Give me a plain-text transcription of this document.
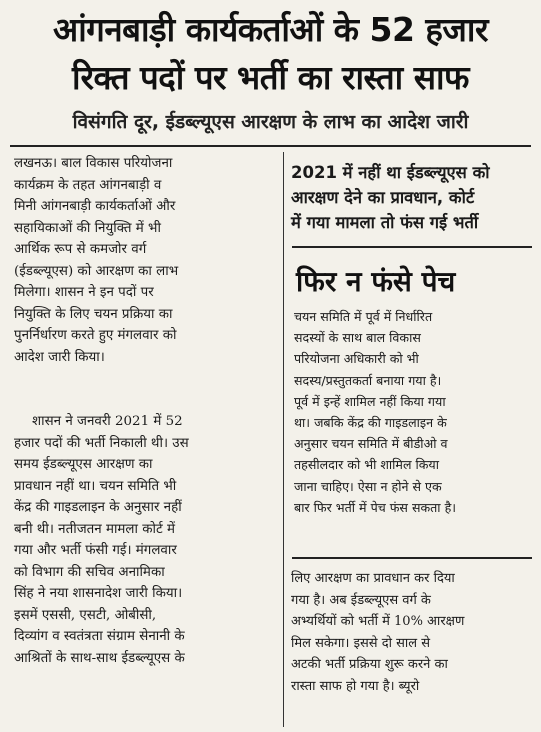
आंगनबाड़ी कार्यकर्ताओं के 52 हजार
रिक्त पदों पर भर्ती का रास्ता साफ
विसंगति दूर, ईडब्ल्यूएस आरक्षण के लाभ का आदेश जारी
लखनऊ। बाल विकास परियोजना
कार्यक्रम के तहत आंगनबाड़ी व
मिनी आंगनबाड़ी कार्यकर्ताओं और
सहायिकाओं की नियुक्ति में भी
आर्थिक रूप से कमजोर वर्ग
(ईडब्ल्यूएस) को आरक्षण का लाभ
मिलेगा। शासन ने इन पदों पर
नियुक्ति के लिए चयन प्रक्रिया का
पुनर्निर्धारण करते हुए मंगलवार को
आदेश जारी किया।
शासन ने जनवरी 2021 में 52
हजार पदों की भर्ती निकाली थी। उस
समय ईडब्ल्यूएस आरक्षण का
प्रावधान नहीं था। चयन समिति भी
केंद्र की गाइडलाइन के अनुसार नहीं
बनी थी। नतीजतन मामला कोर्ट में
गया और भर्ती फंसी गई। मंगलवार
को विभाग की सचिव अनामिका
सिंह ने नया शासनादेश जारी किया।
इसमें एससी, एसटी, ओबीसी,
दिव्यांग व स्वतंत्रता संग्राम सेनानी के
आश्रितों के साथ-साथ ईडब्ल्यूएस के
2021 में नहीं था ईडब्ल्यूएस को
आरक्षण देने का प्रावधान, कोर्ट
में गया मामला तो फंस गई भर्ती
फिर न फंसे पेच
चयन समिति में पूर्व में निर्धारित
सदस्यों के साथ बाल विकास
परियोजना अधिकारी को भी
सदस्य/प्रस्तुतकर्ता बनाया गया है।
पूर्व में इन्हें शामिल नहीं किया गया
था। जबकि केंद्र की गाइडलाइन के
अनुसार चयन समिति में बीडीओ व
तहसीलदार को भी शामिल किया
जाना चाहिए। ऐसा न होने से एक
बार फिर भर्ती में पेच फंस सकता है।
लिए आरक्षण का प्रावधान कर दिया
गया है। अब ईडब्ल्यूएस वर्ग के
अभ्यर्थियों को भर्ती में 10% आरक्षण
मिल सकेगा। इससे दो साल से
अटकी भर्ती प्रक्रिया शुरू करने का
रास्ता साफ हो गया है। ब्यूरो
